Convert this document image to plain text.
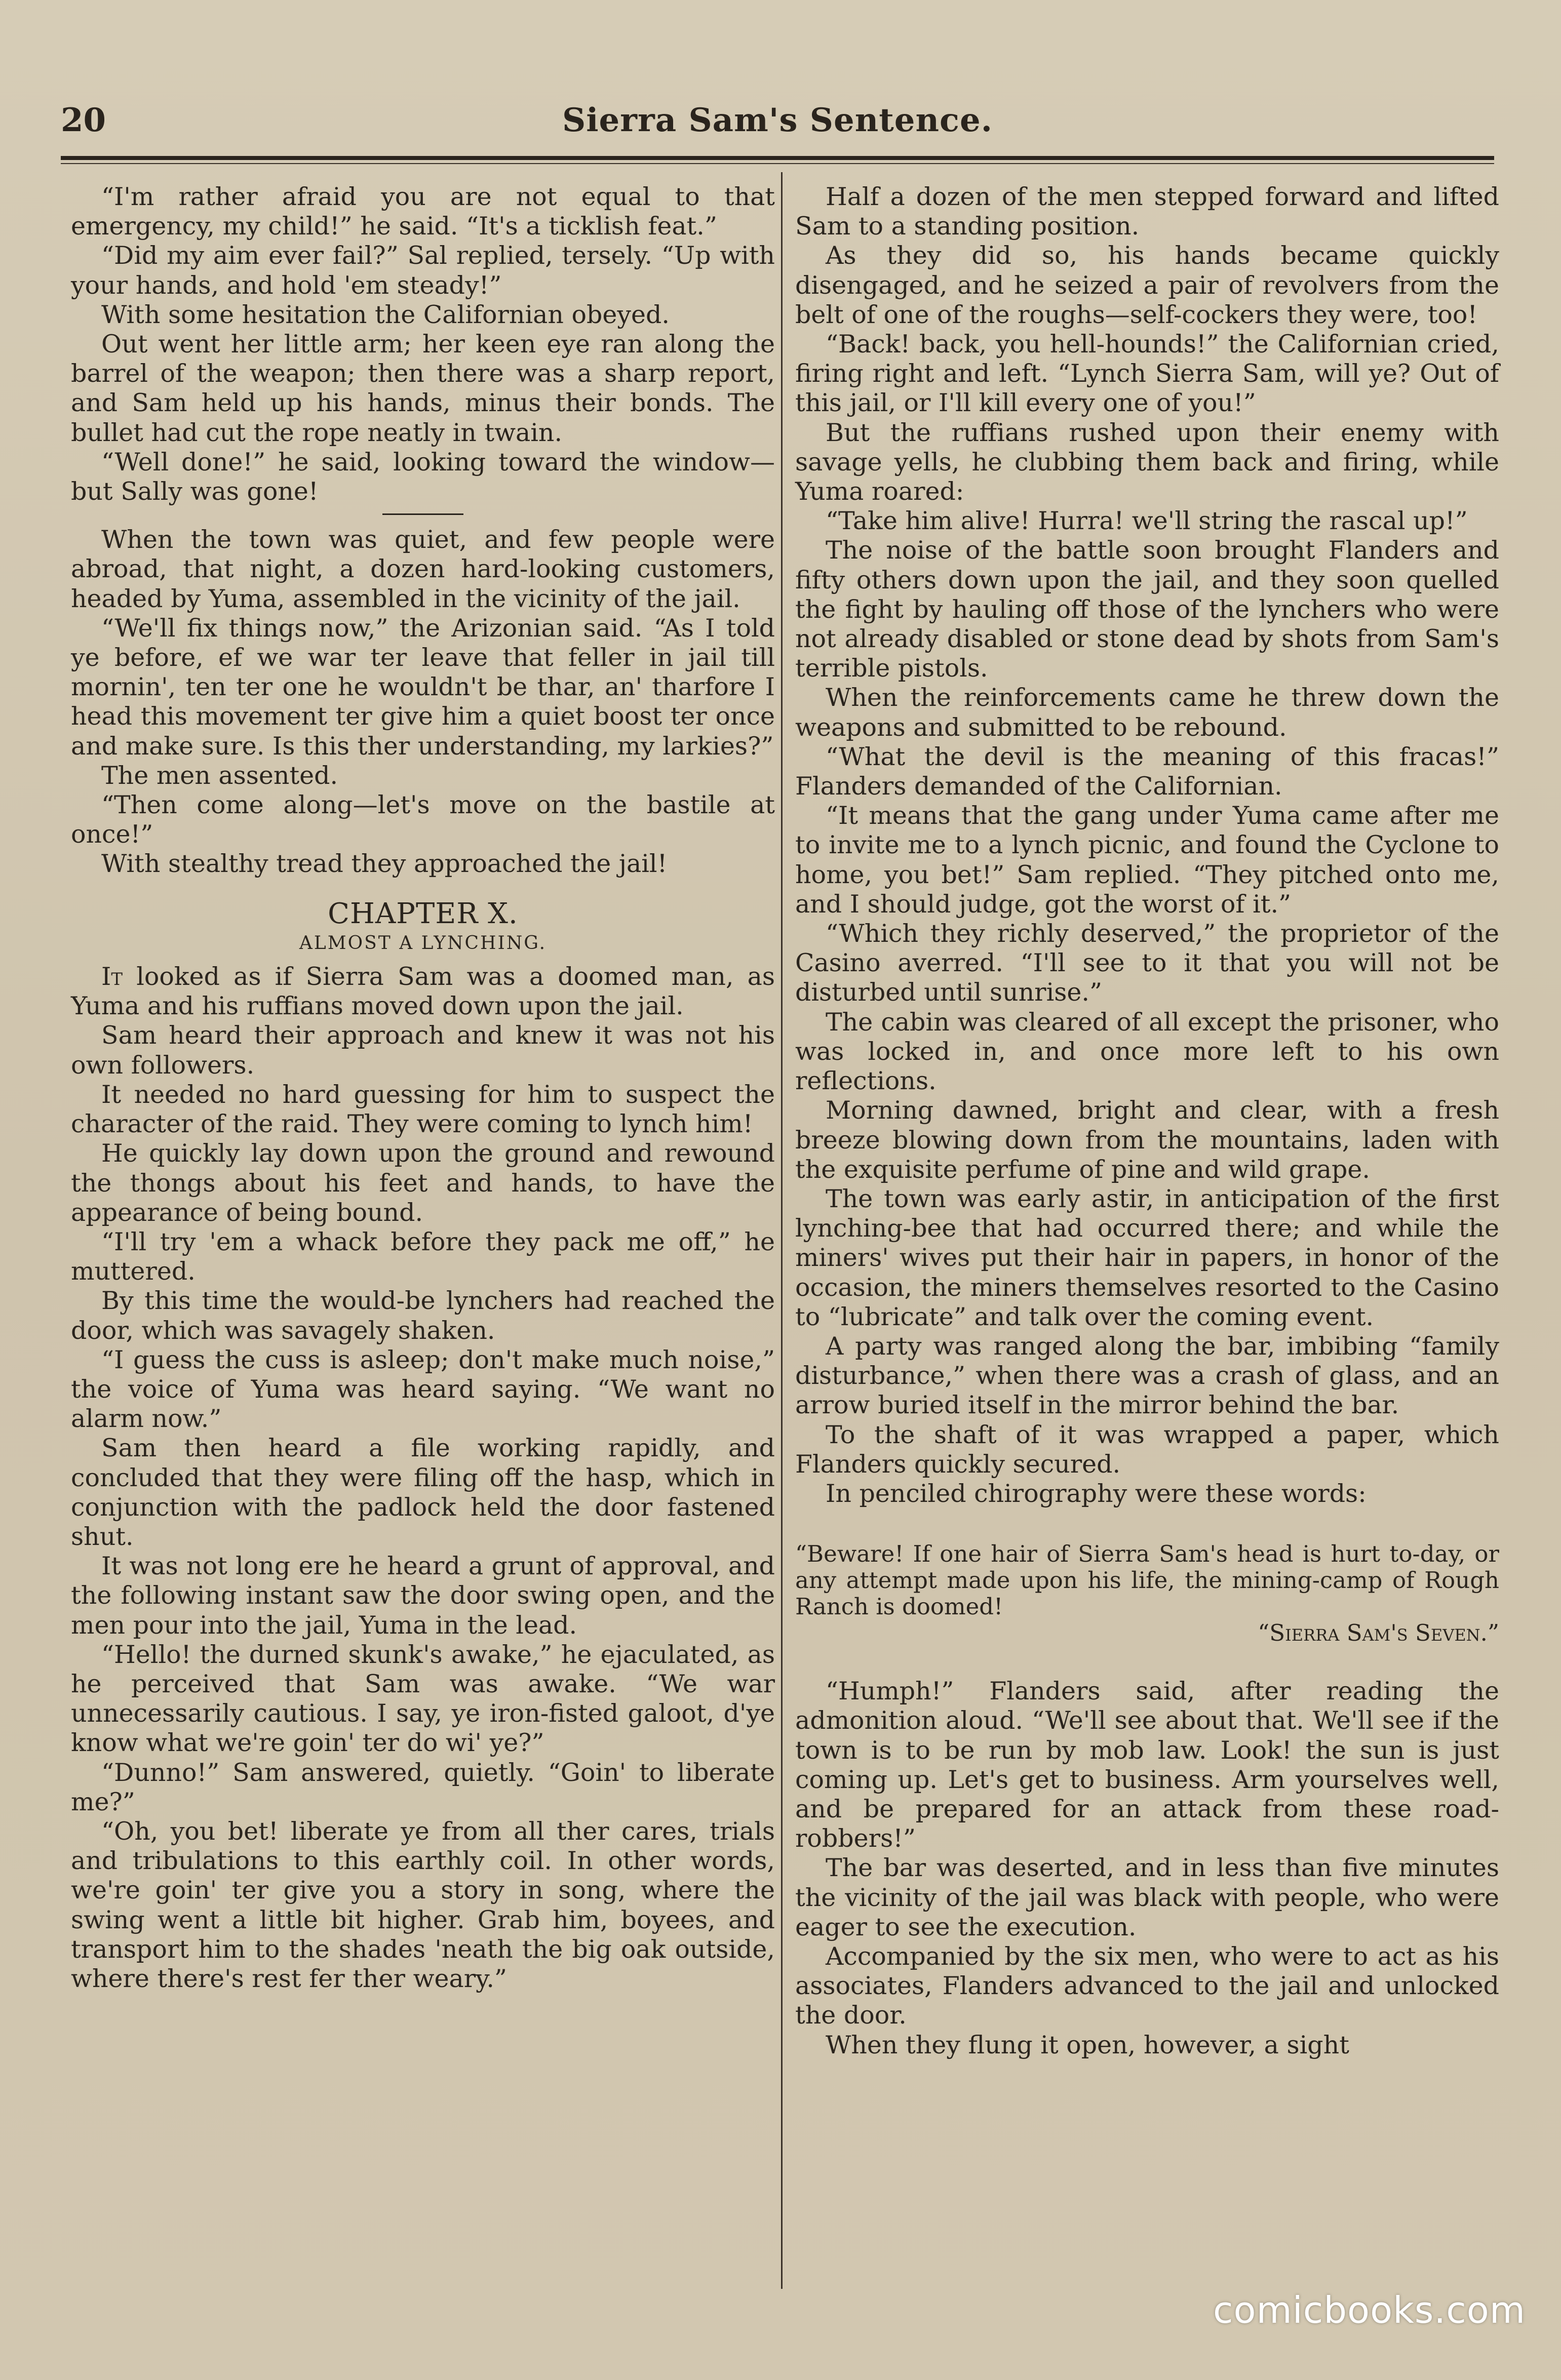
20	Sierra Sam's Sentence.

“I'm rather afraid you are not equal to that emergency, my child!” he said. “It's a ticklish feat.”

“Did my aim ever fail?” Sal replied, tersely. “Up with your hands, and hold 'em steady!”

With some hesitation the Californian obeyed.

Out went her little arm; her keen eye ran along the barrel of the weapon; then there was a sharp report, and Sam held up his hands, minus their bonds. The bullet had cut the rope neatly in twain.

“Well done!” he said, looking toward the window—but Sally was gone!

When the town was quiet, and few people were abroad, that night, a dozen hard-looking customers, headed by Yuma, assembled in the vicinity of the jail.

“We'll fix things now,” the Arizonian said. “As I told ye before, ef we war ter leave that feller in jail till mornin', ten ter one he wouldn't be thar, an' tharfore I head this movement ter give him a quiet boost ter once and make sure. Is this ther understanding, my larkies?”

The men assented.

“Then come along—let's move on the bastile at once!”

With stealthy tread they approached the jail!

CHAPTER X.
ALMOST A LYNCHING.

It looked as if Sierra Sam was a doomed man, as Yuma and his ruffians moved down upon the jail.

Sam heard their approach and knew it was not his own followers.

It needed no hard guessing for him to suspect the character of the raid. They were coming to lynch him!

He quickly lay down upon the ground and rewound the thongs about his feet and hands, to have the appearance of being bound.

“I'll try 'em a whack before they pack me off,” he muttered.

By this time the would-be lynchers had reached the door, which was savagely shaken.

“I guess the cuss is asleep; don't make much noise,” the voice of Yuma was heard saying. “We want no alarm now.”

Sam then heard a file working rapidly, and concluded that they were filing off the hasp, which in conjunction with the padlock held the door fastened shut.

It was not long ere he heard a grunt of approval, and the following instant saw the door swing open, and the men pour into the jail, Yuma in the lead.

“Hello! the durned skunk's awake,” he ejaculated, as he perceived that Sam was awake. “We war unnecessarily cautious. I say, ye iron-fisted galoot, d'ye know what we're goin' ter do wi' ye?”

“Dunno!” Sam answered, quietly. “Goin' to liberate me?”

“Oh, you bet! liberate ye from all ther cares, trials and tribulations to this earthly coil. In other words, we're goin' ter give you a story in song, where the swing went a little bit higher. Grab him, boyees, and transport him to the shades 'neath the big oak outside, where there's rest fer ther weary.”

Half a dozen of the men stepped forward and lifted Sam to a standing position.

As they did so, his hands became quickly disengaged, and he seized a pair of revolvers from the belt of one of the roughs—self-cockers they were, too!

“Back! back, you hell-hounds!” the Californian cried, firing right and left. “Lynch Sierra Sam, will ye? Out of this jail, or I'll kill every one of you!”

But the ruffians rushed upon their enemy with savage yells, he clubbing them back and firing, while Yuma roared:

“Take him alive! Hurra! we'll string the rascal up!”

The noise of the battle soon brought Flanders and fifty others down upon the jail, and they soon quelled the fight by hauling off those of the lynchers who were not already disabled or stone dead by shots from Sam's terrible pistols.

When the reinforcements came he threw down the weapons and submitted to be rebound.

“What the devil is the meaning of this fracas!” Flanders demanded of the Californian.

“It means that the gang under Yuma came after me to invite me to a lynch picnic, and found the Cyclone to home, you bet!” Sam replied. “They pitched onto me, and I should judge, got the worst of it.”

“Which they richly deserved,” the proprietor of the Casino averred. “I'll see to it that you will not be disturbed until sunrise.”

The cabin was cleared of all except the prisoner, who was locked in, and once more left to his own reflections.

Morning dawned, bright and clear, with a fresh breeze blowing down from the mountains, laden with the exquisite perfume of pine and wild grape.

The town was early astir, in anticipation of the first lynching-bee that had occurred there; and while the miners' wives put their hair in papers, in honor of the occasion, the miners themselves resorted to the Casino to “lubricate” and talk over the coming event.

A party was ranged along the bar, imbibing “family disturbance,” when there was a crash of glass, and an arrow buried itself in the mirror behind the bar.

To the shaft of it was wrapped a paper, which Flanders quickly secured.

In penciled chirography were these words:

“Beware! If one hair of Sierra Sam's head is hurt to-day, or any attempt made upon his life, the mining-camp of Rough Ranch is doomed!

“Sierra Sam's Seven.”

“Humph!” Flanders said, after reading the admonition aloud. “We'll see about that. We'll see if the town is to be run by mob law. Look! the sun is just coming up. Let's get to business. Arm yourselves well, and be prepared for an attack from these road-robbers!”

The bar was deserted, and in less than five minutes the vicinity of the jail was black with people, who were eager to see the execution.

Accompanied by the six men, who were to act as his associates, Flanders advanced to the jail and unlocked the door.

When they flung it open, however, a sight

comicbooks.com
